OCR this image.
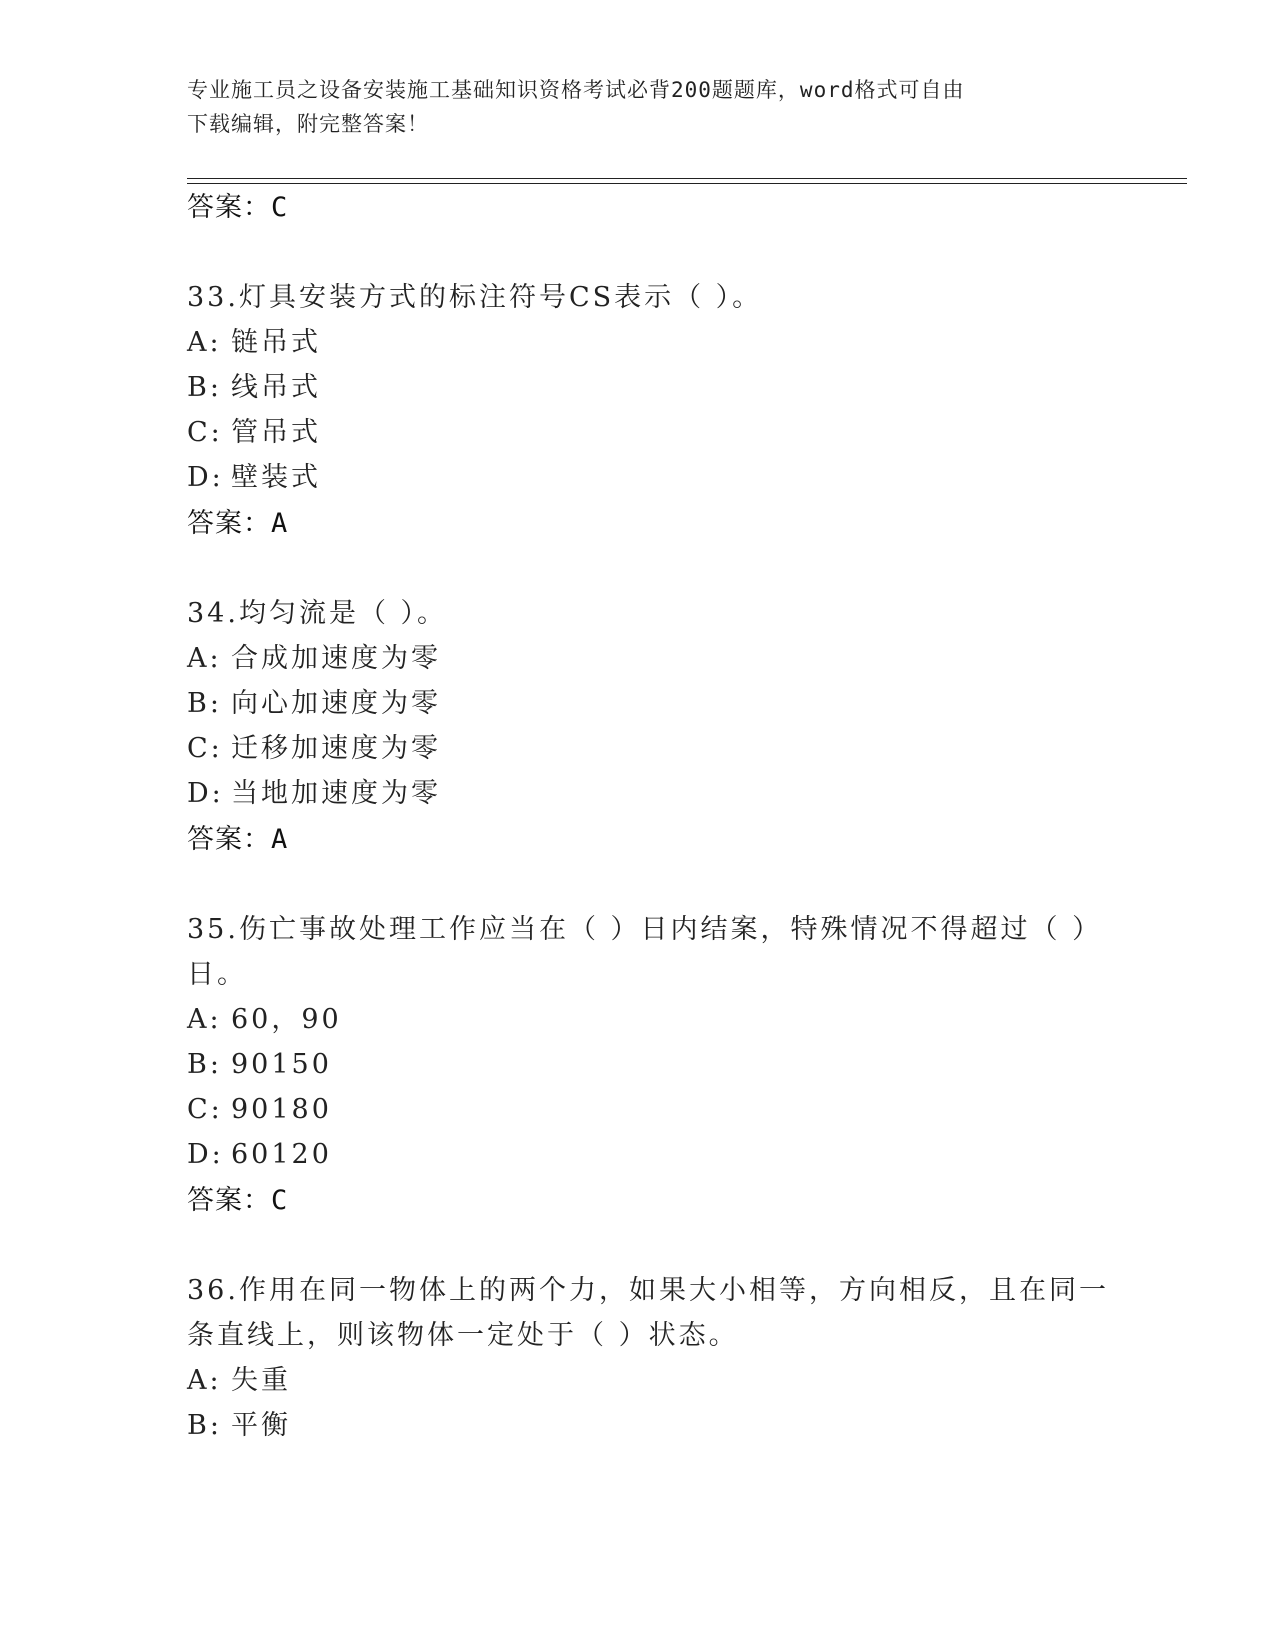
专业施工员之设备安装施工基础知识资格考试必背200题题库，word格式可自由
下载编辑，附完整答案！
答案：C
33.灯具安装方式的标注符号CS表示（ ）。
A: 链吊式
B: 线吊式
C: 管吊式
D: 壁装式
答案：A
34.均匀流是（ ）。
A: 合成加速度为零
B: 向心加速度为零
C: 迁移加速度为零
D: 当地加速度为零
答案：A
35.伤亡事故处理工作应当在（ ）日内结案，特殊情况不得超过（ ）
日。
A: 60，90
B: 90150
C: 90180
D: 60120
答案：C
36.作用在同一物体上的两个力，如果大小相等，方向相反，且在同一
条直线上，则该物体一定处于（ ）状态。
A: 失重
B: 平衡
